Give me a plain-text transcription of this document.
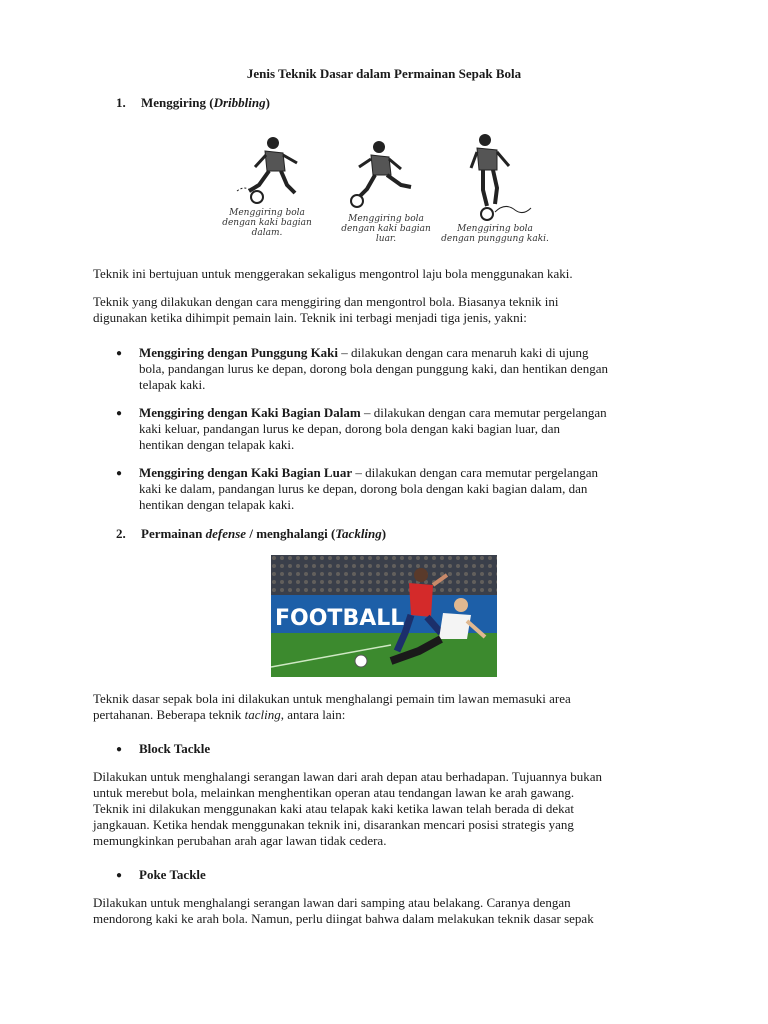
Jenis Teknik Dasar dalam Permainan Sepak Bola
1. Menggiring (Dribbling)
Menggiring bola dengan kaki bagian dalam.
Menggiring bola dengan kaki bagian luar.
Menggiring bola dengan punggung kaki.
Teknik ini bertujuan untuk menggerakan sekaligus mengontrol laju bola menggunakan kaki.
Teknik yang dilakukan dengan cara menggiring dan mengontrol bola. Biasanya teknik ini
digunakan ketika dihimpit pemain lain. Teknik ini terbagi menjadi tiga jenis, yakni:
● Menggiring dengan Punggung Kaki – dilakukan dengan cara menaruh kaki di ujung
bola, pandangan lurus ke depan, dorong bola dengan punggung kaki, dan hentikan dengan
telapak kaki.
● Menggiring dengan Kaki Bagian Dalam – dilakukan dengan cara memutar pergelangan
kaki keluar, pandangan lurus ke depan, dorong bola dengan kaki bagian luar, dan
hentikan dengan telapak kaki.
● Menggiring dengan Kaki Bagian Luar – dilakukan dengan cara memutar pergelangan
kaki ke dalam, pandangan lurus ke depan, dorong bola dengan kaki bagian dalam, dan
hentikan dengan telapak kaki.
2. Permainan defense / menghalangi (Tackling)
FOOTBALL
Teknik dasar sepak bola ini dilakukan untuk menghalangi pemain tim lawan memasuki area
pertahanan. Beberapa teknik tacling, antara lain:
● Block Tackle
Dilakukan untuk menghalangi serangan lawan dari arah depan atau berhadapan. Tujuannya bukan
untuk merebut bola, melainkan menghentikan operan atau tendangan lawan ke arah gawang.
Teknik ini dilakukan menggunakan kaki atau telapak kaki ketika lawan telah berada di dekat
jangkauan. Ketika hendak menggunakan teknik ini, disarankan mencari posisi strategis yang
memungkinkan perubahan arah agar lawan tidak cedera.
● Poke Tackle
Dilakukan untuk menghalangi serangan lawan dari samping atau belakang. Caranya dengan
mendorong kaki ke arah bola. Namun, perlu diingat bahwa dalam melakukan teknik dasar sepak
